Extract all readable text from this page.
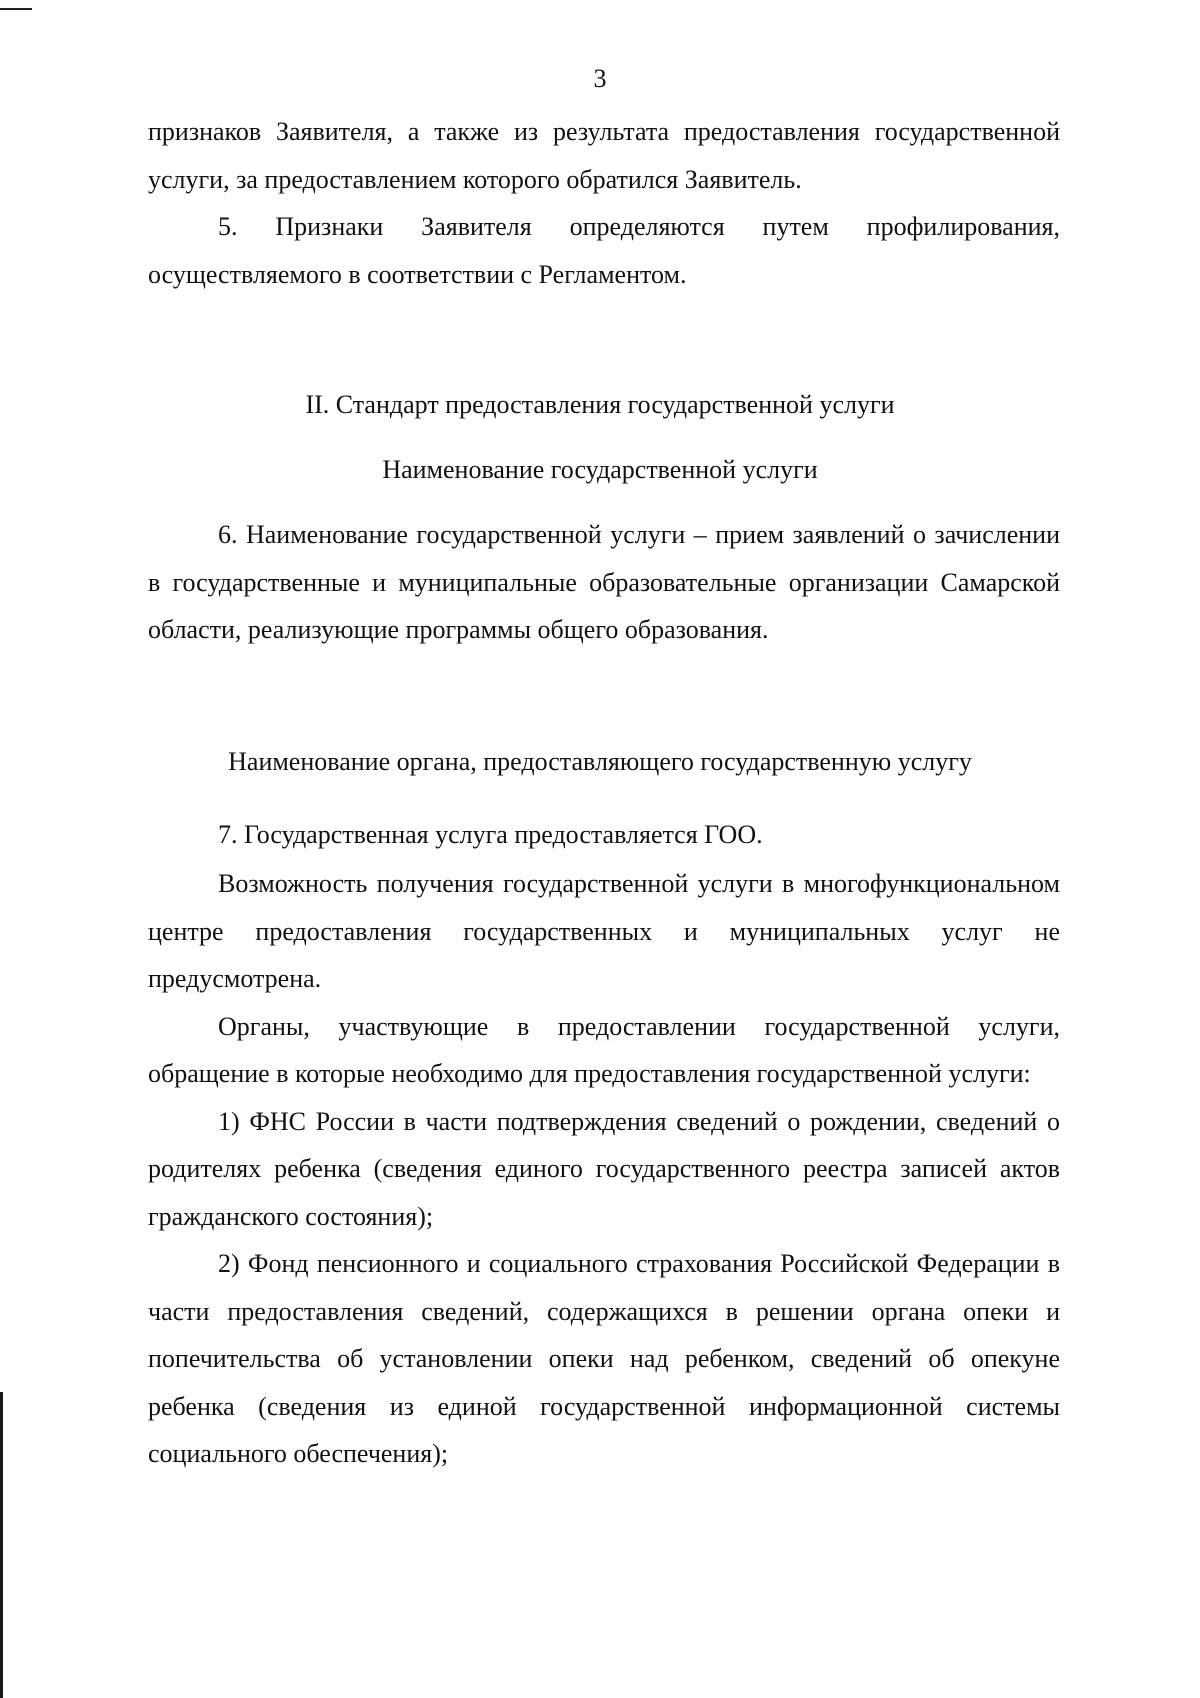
3

признаков Заявителя, а также из результата предоставления государственной услуги, за предоставлением которого обратился Заявитель.

5. Признаки Заявителя определяются путем профилирования, осуществляемого в соответствии с Регламентом.

II. Стандарт предоставления государственной услуги
Наименование государственной услуги

6. Наименование государственной услуги – прием заявлений о зачислении в государственные и муниципальные образовательные организации Самарской области, реализующие программы общего образования.

Наименование органа, предоставляющего государственную услугу

7. Государственная услуга предоставляется ГОО.

Возможность получения государственной услуги в многофункциональном центре предоставления государственных и муниципальных услуг не предусмотрена.

Органы, участвующие в предоставлении государственной услуги, обращение в которые необходимо для предоставления государственной услуги:

1) ФНС России в части подтверждения сведений о рождении, сведений о родителях ребенка (сведения единого государственного реестра записей актов гражданского состояния);

2) Фонд пенсионного и социального страхования Российской Федерации в части предоставления сведений, содержащихся в решении органа опеки и попечительства об установлении опеки над ребенком, сведений об опекуне ребенка (сведения из единой государственной информационной системы социального обеспечения);
